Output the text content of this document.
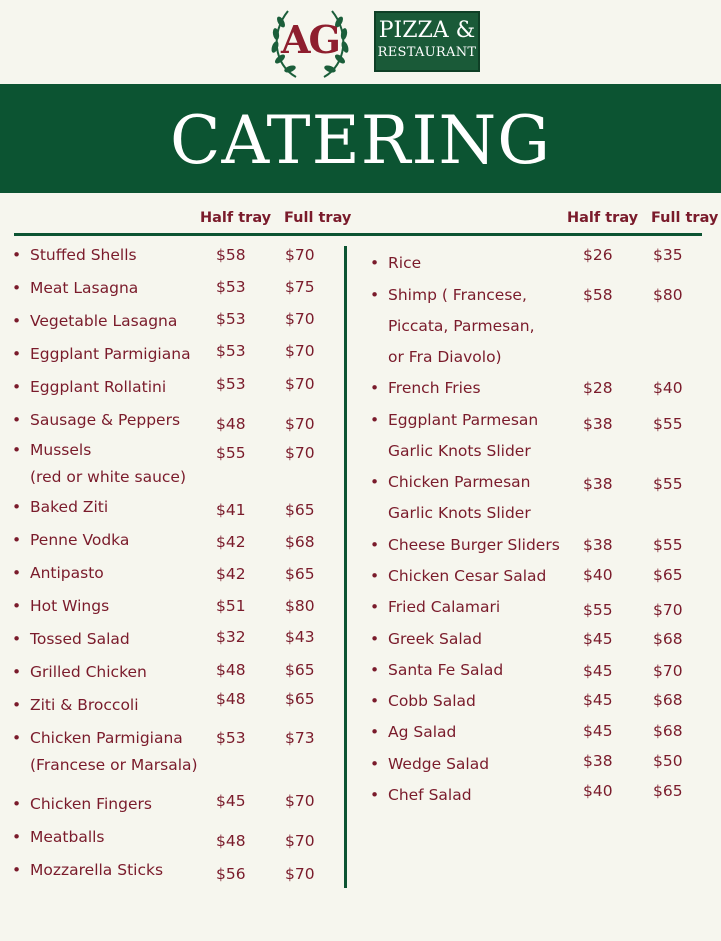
AG	PIZZA &
RESTAURANT
CATERING
Half tray Full tray	Half tray Full tray
• Stuffed Shells	$58	$70
• Meat Lasagna	$53	$75
• Vegetable Lasagna $53	$70
• Eggplant Parmigiana $53	$70
• Eggplant Rollatini	$53	$70
• Sausage & Peppers $48	$70
• Mussels
(red or white sauce)
$55	$70
• Baked Ziti	$41	$65
• Penne Vodka	$42	$68
• Antipasto	$42	$65
• Hot Wings	$51	$80
• Tossed Salad	$32	$43
• Grilled Chicken	$48	$65
• Ziti & Broccoli	$48	$65
• Chicken Parmigiana
(Francese or Marsala)
$53	$73
• Chicken Fingers	$45	$70
• Meatballs	$48	$70
• Mozzarella Sticks	$56	$70
• Rice	$26	$35
• Shimp ( Francese,
Piccata, Parmesan,
or Fra Diavolo)
$58	$80
• French Fries	$28	$40
• Eggplant Parmesan
Garlic Knots Slider
$38	$55
• Chicken Parmesan
Garlic Knots Slider
$38	$55
• Cheese Burger Sliders $38	$55
• Chicken Cesar Salad $40	$65
• Fried Calamari	$55	$70
• Greek Salad	$45	$68
• Santa Fe Salad	$45	$70
• Cobb Salad	$45	$68
• Ag Salad	$45	$68
• Wedge Salad	$38	$50
• Chef Salad	$40	$65
